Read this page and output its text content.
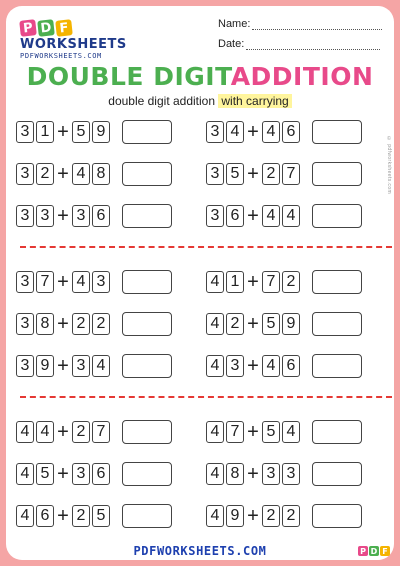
P D F
WORKSHEETS
PDFWORKSHEETS.COM
Name:
Date:
DOUBLE DIGITADDITION
double digit addition with carrying
© pdfworksheets.com
3 1 + 5 9	3 4 + 4 6
3 2 + 4 8	3 5 + 2 7
3 3 + 3 6	3 6 + 4 4
3 7 + 4 3	4 1 + 7 2
3 8 + 2 2	4 2 + 5 9
3 9 + 3 4	4 3 + 4 6
4 4 + 2 7	4 7 + 5 4
4 5 + 3 6	4 8 + 3 3
4 6 + 2 5	4 9 + 2 2
PDFWORKSHEETS.COM	P D F
